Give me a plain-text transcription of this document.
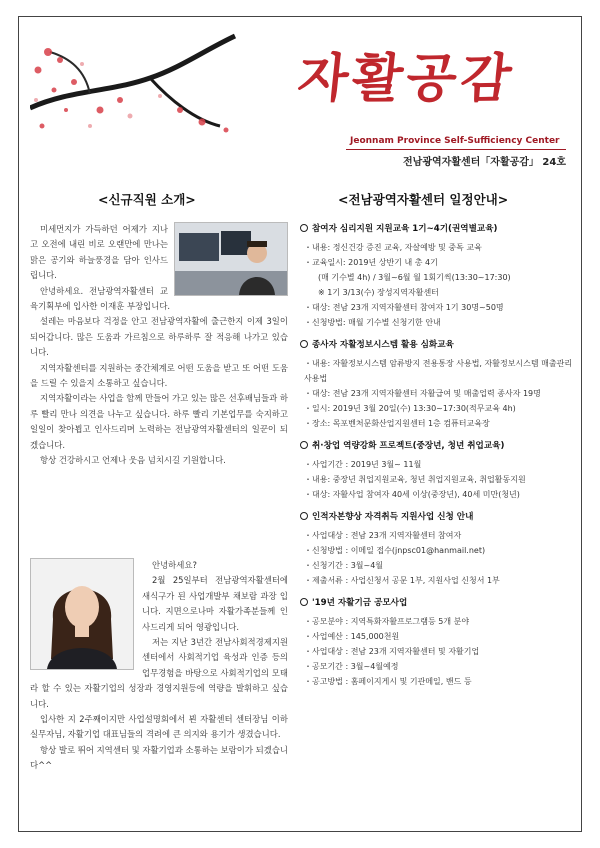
자활공감
Jeonnam Province Self-Sufficiency Center
전남광역자활센터「자활공감」 24호
<신규직원 소개>	<전남광역자활센터 일정안내>

미세먼지가 가득하던 어제가 지나고 오전에 내린 비로 오랜만에 만나는 맑은 공기와 하늘풍경을 담아 인사드립니다.

안녕하세요. 전남광역자활센터 교육기획부에 입사한 이재훈 부장입니다.

설레는 마음보다 걱정을 안고 전남광역자활에 출근한지 이제 3일이 되어갑니다. 많은 도움과 가르침으로 하루하루 잘 적응해 나가고 있습니다.

지역자활센터를 지원하는 중간체계로 어떤 도움을 받고 또 어떤 도움을 드릴 수 있을지 소통하고 싶습니다.

지역자활이라는 사업을 함께 만들어 가고 있는 많은 선후배님들과 하루 빨리 만나 의견을 나누고 싶습니다. 하루 빨리 기본업무를 숙지하고 일일이 찾아뵙고 인사드리며 노력하는 전남광역자활센터의 일꾼이 되겠습니다.

항상 건강하시고 언제나 웃음 넘치시길 기원합니다.

안녕하세요?

2월 25일부터 전남광역자활센터에 새식구가 된 사업개발부 채보람 과장 입니다. 지면으로나마 자활가족분들께 인사드리게 되어 영광입니다.

저는 지난 3년간 전남사회적경제지원센터에서 사회적기업 육성과 인증 등의 업무경험을 바탕으로 사회적기업의 모태라 할 수 있는 자활기업의 성장과 경영지원등에 역량을 발휘하고 싶습니다.

입사한 지 2주째이지만 사업설명회에서 뵌 자활센터 센터장님 이하 실무자님, 자활기업 대표님들의 격려에 큰 의지와 용기가 생겼습니다.

항상 발로 뛰어 지역센터 및 자활기업과 소통하는 보람이가 되겠습니다^^

참여자 심리지원 지원교육 1기~4기(권역별교육)
・내용: 정신건강 증진 교육, 자살예방 및 중독 교육
・교육일시: 2019년 상반기 내 총 4기
(매 기수별 4h) / 3월~6월 월 1회기씩(13:30~17:30)
※ 1기 3/13(수) 장성지역자활센터
・대상: 전남 23개 지역자활센터 참여자 1기 30명~50명
・신청방법: 매월 기수별 신청기한 안내
종사자 자활정보시스템 활용 심화교육
・내용: 자활정보시스템 암류방지 전용통장 사용법, 자활정보시스템 매출관리 사용법
・대상: 전남 23개 지역자활센터 자활급여 및 매출업력 종사자 19명
・일시: 2019년 3월 20일(수) 13:30~17:30(적무교육 4h)
・장소: 목포벤처문화산업지원센터 1층 컴퓨터교육장
취·창업 역량강화 프로젝트(중장년, 청년 취업교육)
・사업기간 : 2019년 3월~ 11월
・내용: 중장년 취업지원교육, 청년 취업지원교육, 취업활동지원
・대상: 자활사업 참여자 40세 이상(중장년), 40세 미만(청년)
인적자본향상 자격취득 지원사업 신청 안내
・사업대상 : 전남 23개 지역자활센터 참여자
・신청방법 : 이메일 접수(jnpsc01@hanmail.net)
・신청기간 : 3월~4월
・제출서류 : 사업신청서 공문 1부, 지원사업 신청서 1부
'19년 자활기금 공모사업
・공모분야 : 지역특화자활프로그램등 5개 분야
・사업예산 : 145,000천원
・사업대상 : 전남 23개 지역자활센터 및 자활기업
・공모기간 : 3월~4월예정
・공고방법 : 홈페이지게시 및 기관메일, 밴드 등
